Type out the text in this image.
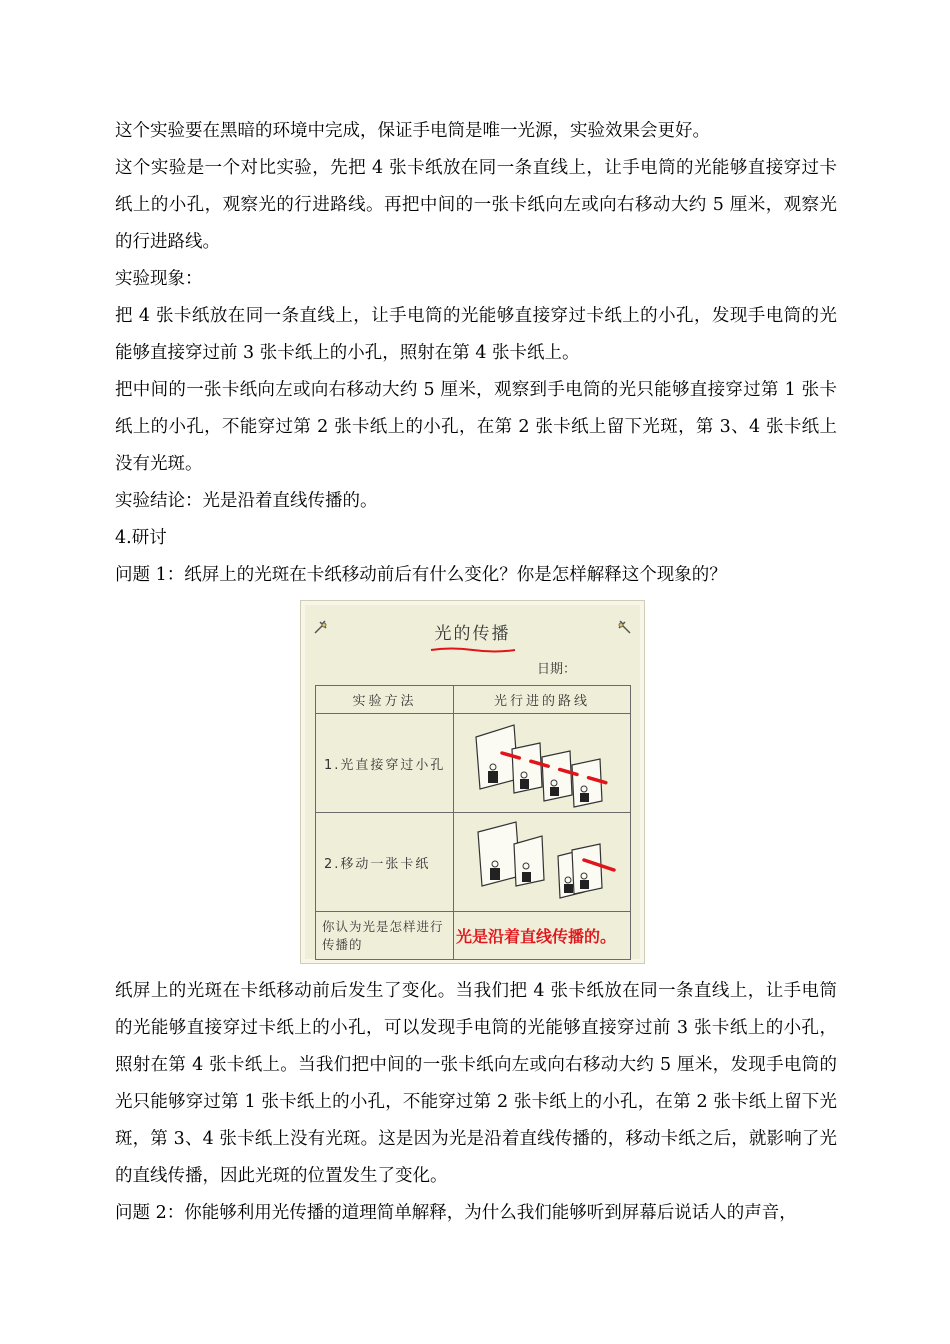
这个实验要在黑暗的环境中完成，保证手电筒是唯一光源，实验效果会更好。
这个实验是一个对比实验，先把 4 张卡纸放在同一条直线上，让手电筒的光能够直接穿过卡纸上的小孔，观察光的行进路线。再把中间的一张卡纸向左或向右移动大约 5 厘米，观察光的行进路线。
实验现象：
把 4 张卡纸放在同一条直线上，让手电筒的光能够直接穿过卡纸上的小孔，发现手电筒的光能够直接穿过前 3 张卡纸上的小孔，照射在第 4 张卡纸上。
把中间的一张卡纸向左或向右移动大约 5 厘米，观察到手电筒的光只能够直接穿过第 1 张卡纸上的小孔，不能穿过第 2 张卡纸上的小孔，在第 2 张卡纸上留下光斑，第 3、4 张卡纸上没有光斑。
实验结论：光是沿着直线传播的。
4.研讨
问题 1：纸屏上的光斑在卡纸移动前后有什么变化？你是怎样解释这个现象的？
光的传播
日期：
实验方法	光行进的路线
1.光直接穿过小孔	

2.移动一张卡纸	

你认为光是怎样进行传播的	光是沿着直线传播的。
纸屏上的光斑在卡纸移动前后发生了变化。当我们把 4 张卡纸放在同一条直线上，让手电筒的光能够直接穿过卡纸上的小孔，可以发现手电筒的光能够直接穿过前 3 张卡纸上的小孔，照射在第 4 张卡纸上。当我们把中间的一张卡纸向左或向右移动大约 5 厘米，发现手电筒的光只能够穿过第 1 张卡纸上的小孔，不能穿过第 2 张卡纸上的小孔，在第 2 张卡纸上留下光斑，第 3、4 张卡纸上没有光斑。这是因为光是沿着直线传播的，移动卡纸之后，就影响了光的直线传播，因此光斑的位置发生了变化。
问题 2：你能够利用光传播的道理简单解释，为什么我们能够听到屏幕后说话人的声音，
